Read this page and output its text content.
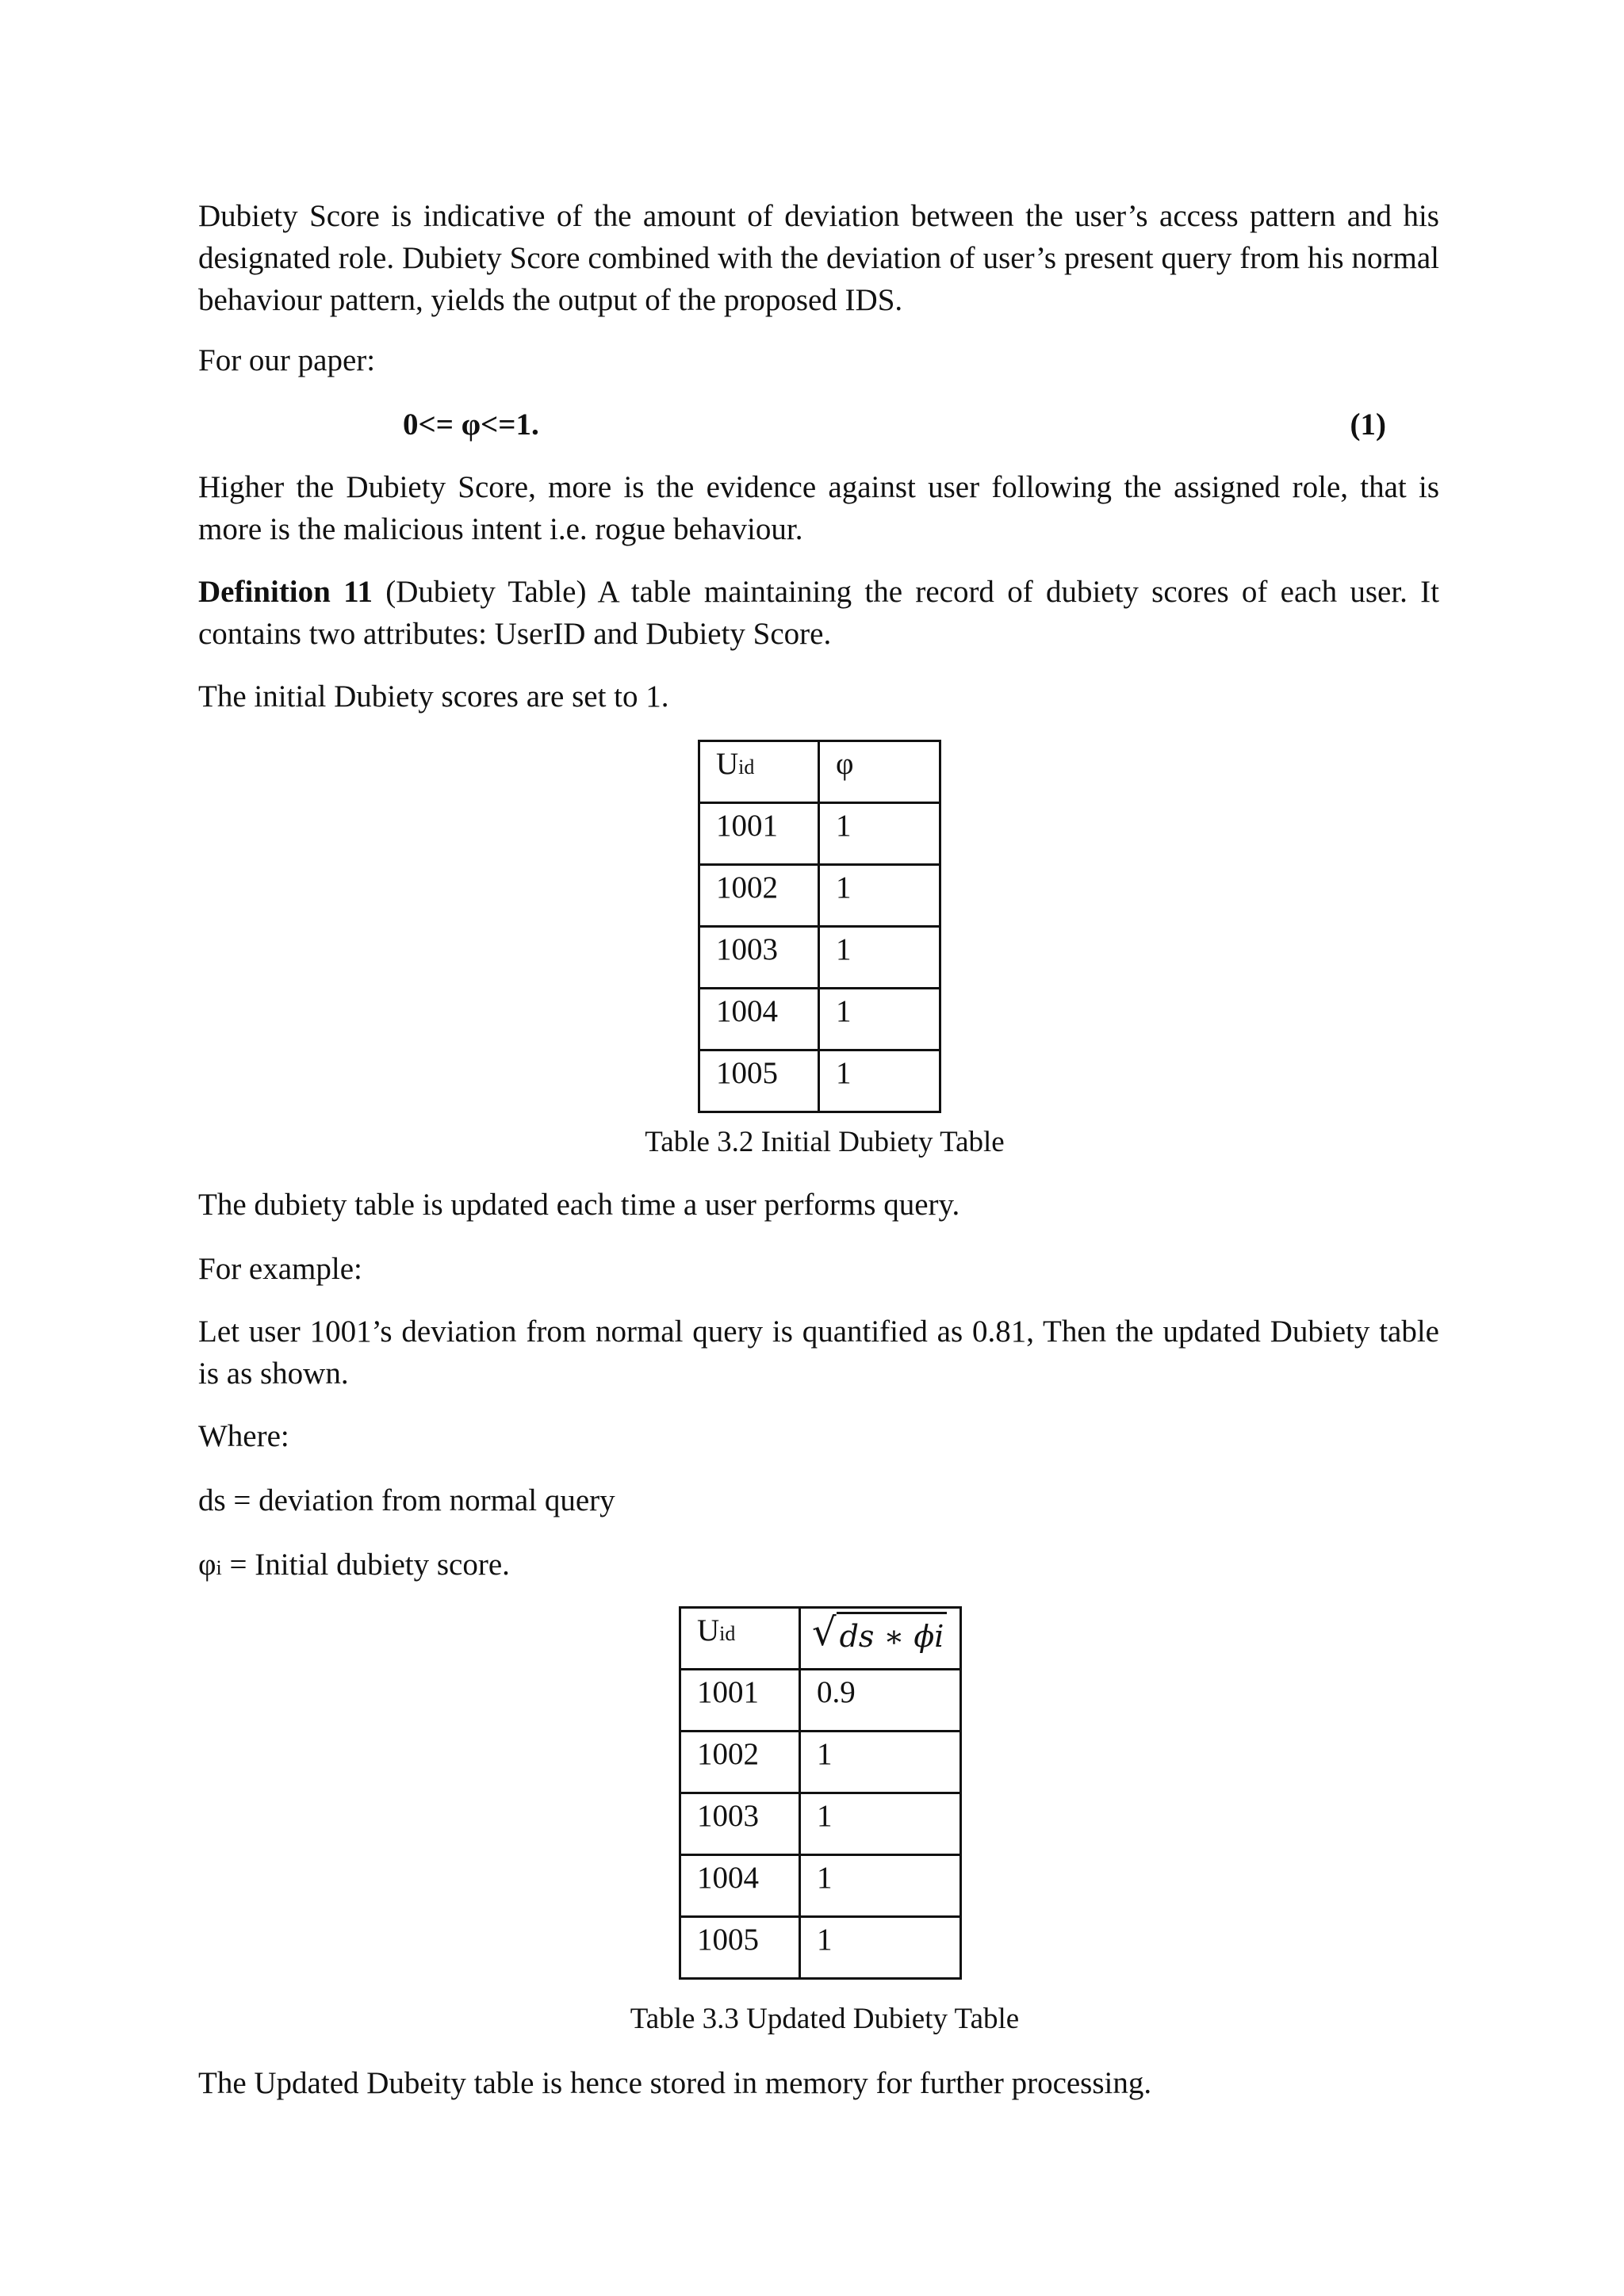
Dubiety Score is indicative of the amount of deviation between the user’s access pattern and his designated role. Dubiety Score combined with the deviation of user’s present query from his normal behaviour pattern, yields the output of the proposed IDS.

For our paper:

0<= φ<=1.	(1)

Higher the Dubiety Score, more is the evidence against user following the assigned role, that is more is the malicious intent i.e. rogue behaviour.

Definition 11 (Dubiety Table) A table maintaining the record of dubiety scores of each user. It contains two attributes: UserID and Dubiety Score.

The initial Dubiety scores are set to 1.

Uid	φ
1001	1
1002	1
1003	1
1004	1
1005	1
Table 3.2 Initial Dubiety Table

The dubiety table is updated each time a user performs query.

For example:

Let user 1001’s deviation from normal query is quantified as 0.81, Then the updated Dubiety table is as shown.

Where:

ds = deviation from normal query

φi = Initial dubiety score.

Uid	√ ds ∗ ϕi

1001	0.9
1002	1
1003	1
1004	1
1005	1
Table 3.3 Updated Dubiety Table

The Updated Dubeity table is hence stored in memory for further processing.
